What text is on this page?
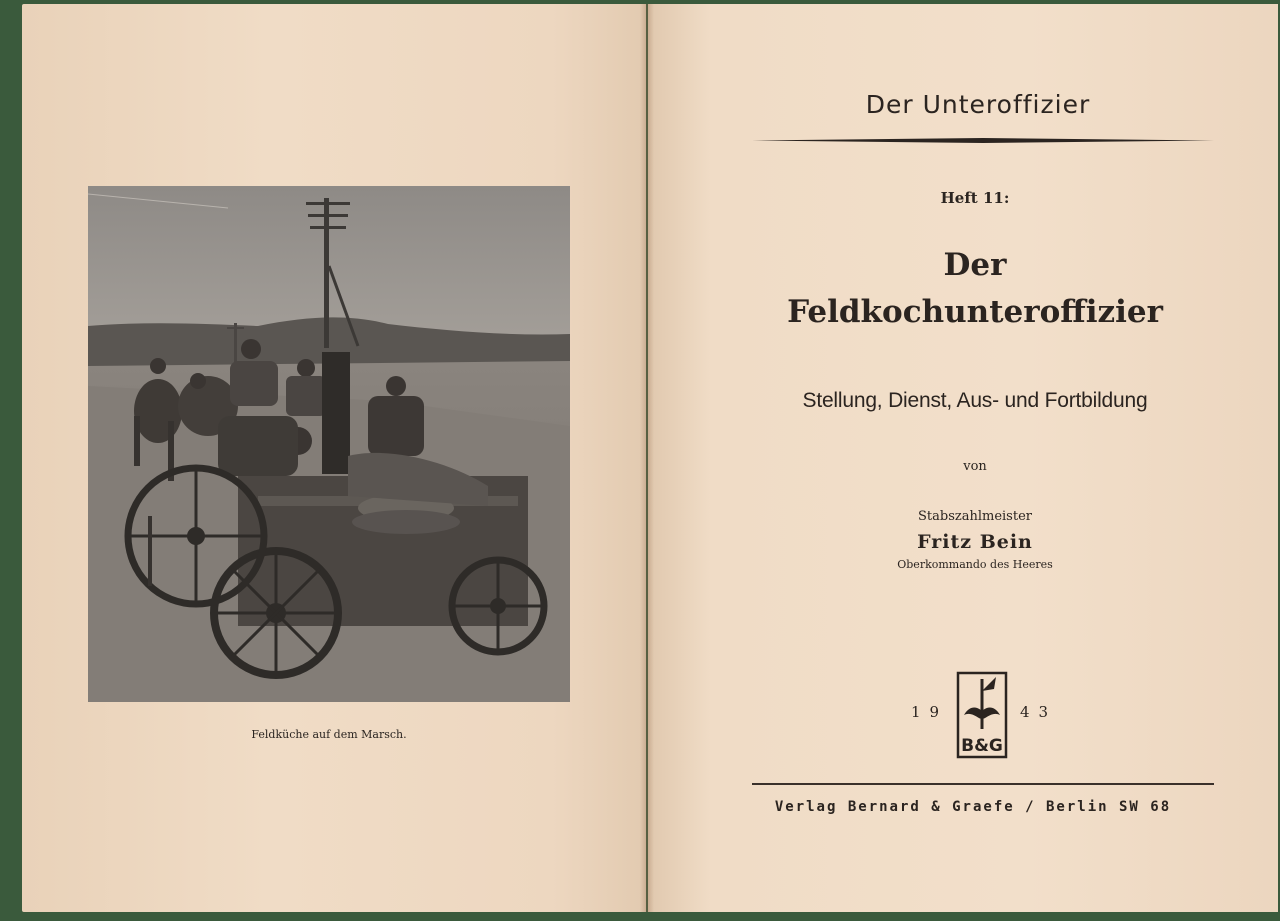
Feldküche auf dem Marsch.
Der Unteroffizier
Heft 11:
Der
Feldkochunteroffizier
Stellung, Dienst, Aus- und Fortbildung
von
Stabszahlmeister
Fritz Bein
Oberkommando des Heeres
19	43
B&G
Verlag Bernard & Graefe / Berlin SW 68
